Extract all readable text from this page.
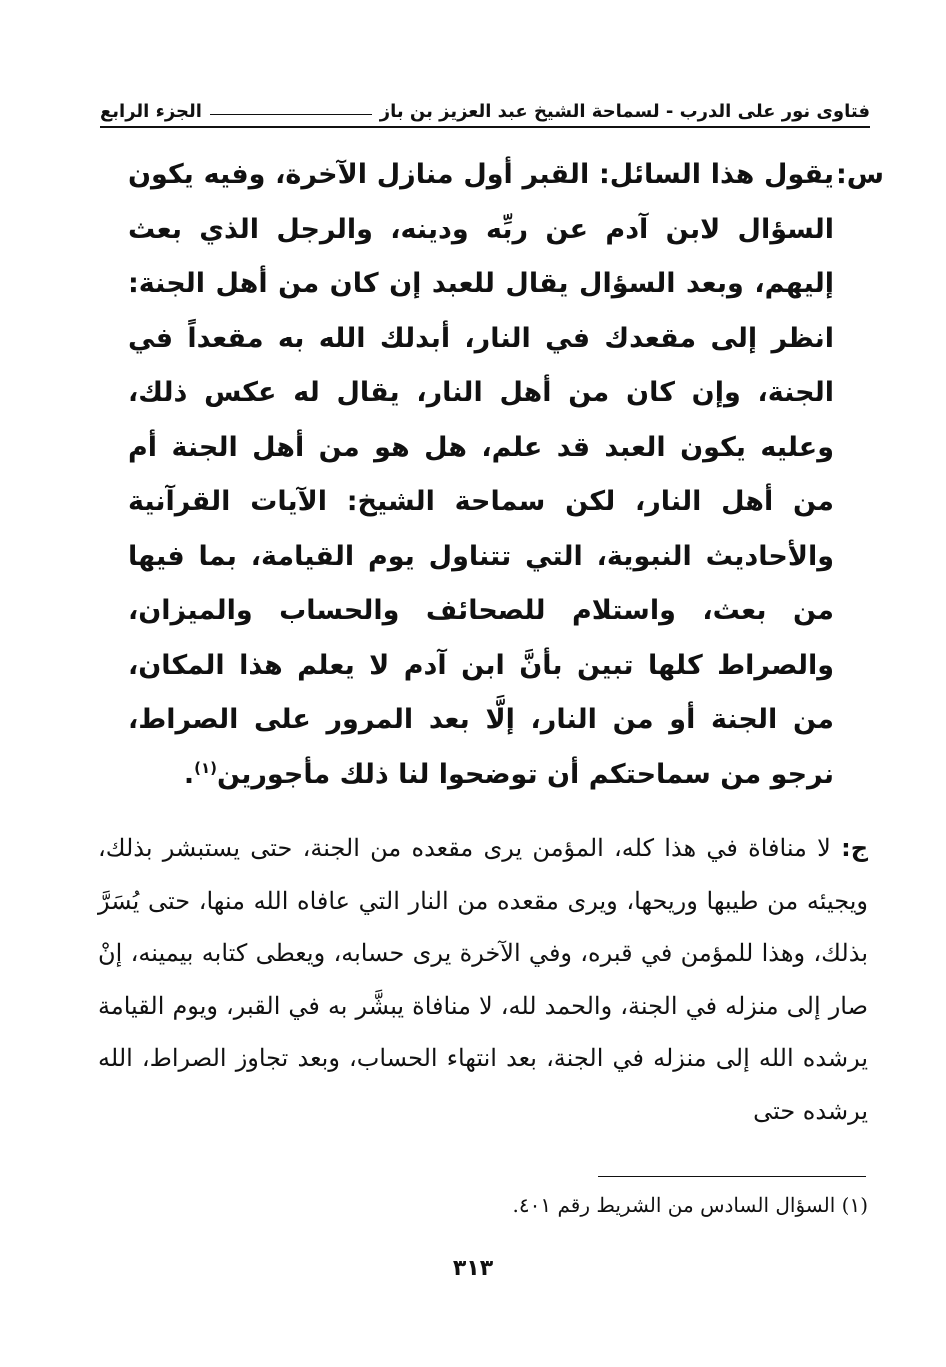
فتاوى نور على الدرب - لسماحة الشيخ عبد العزيز بن باز
الجزء الرابع
س:
يقول هذا السائل: القبر أول منازل الآخرة، وفيه يكون السؤال لابن آدم عن ربِّه ودينه، والرجل الذي بعث إليهم، وبعد السؤال يقال للعبد إن كان من أهل الجنة: انظر إلى مقعدك في النار، أبدلك الله به مقعداً في الجنة، وإن كان من أهل النار، يقال له عكس ذلك، وعليه يكون العبد قد علم، هل هو من أهل الجنة أم من أهل النار، لكن سماحة الشيخ: الآيات القرآنية والأحاديث النبوية، التي تتناول يوم القيامة، بما فيها من بعث، واستلام للصحائف والحساب والميزان، والصراط كلها تبين بأنَّ ابن آدم لا يعلم هذا المكان، من الجنة أو من النار، إلَّا بعد المرور على الصراط، نرجو من سماحتكم أن توضحوا لنا ذلك مأجورين$^{(١)}$.
ج: لا منافاة في هذا كله، المؤمن يرى مقعده من الجنة، حتى يستبشر بذلك، ويجيئه من طيبها وريحها، ويرى مقعده من النار التي عافاه الله منها، حتى يُسَرَّ بذلك، وهذا للمؤمن في قبره، وفي الآخرة يرى حسابه، ويعطى كتابه بيمينه، إنْ صار إلى منزله في الجنة، والحمد لله، لا منافاة يبشَّر به في القبر، ويوم القيامة يرشده الله إلى منزله في الجنة، بعد انتهاء الحساب، وبعد تجاوز الصراط، الله يرشده حتى
(١) السؤال السادس من الشريط رقم ٤٠١.
٣١٣
